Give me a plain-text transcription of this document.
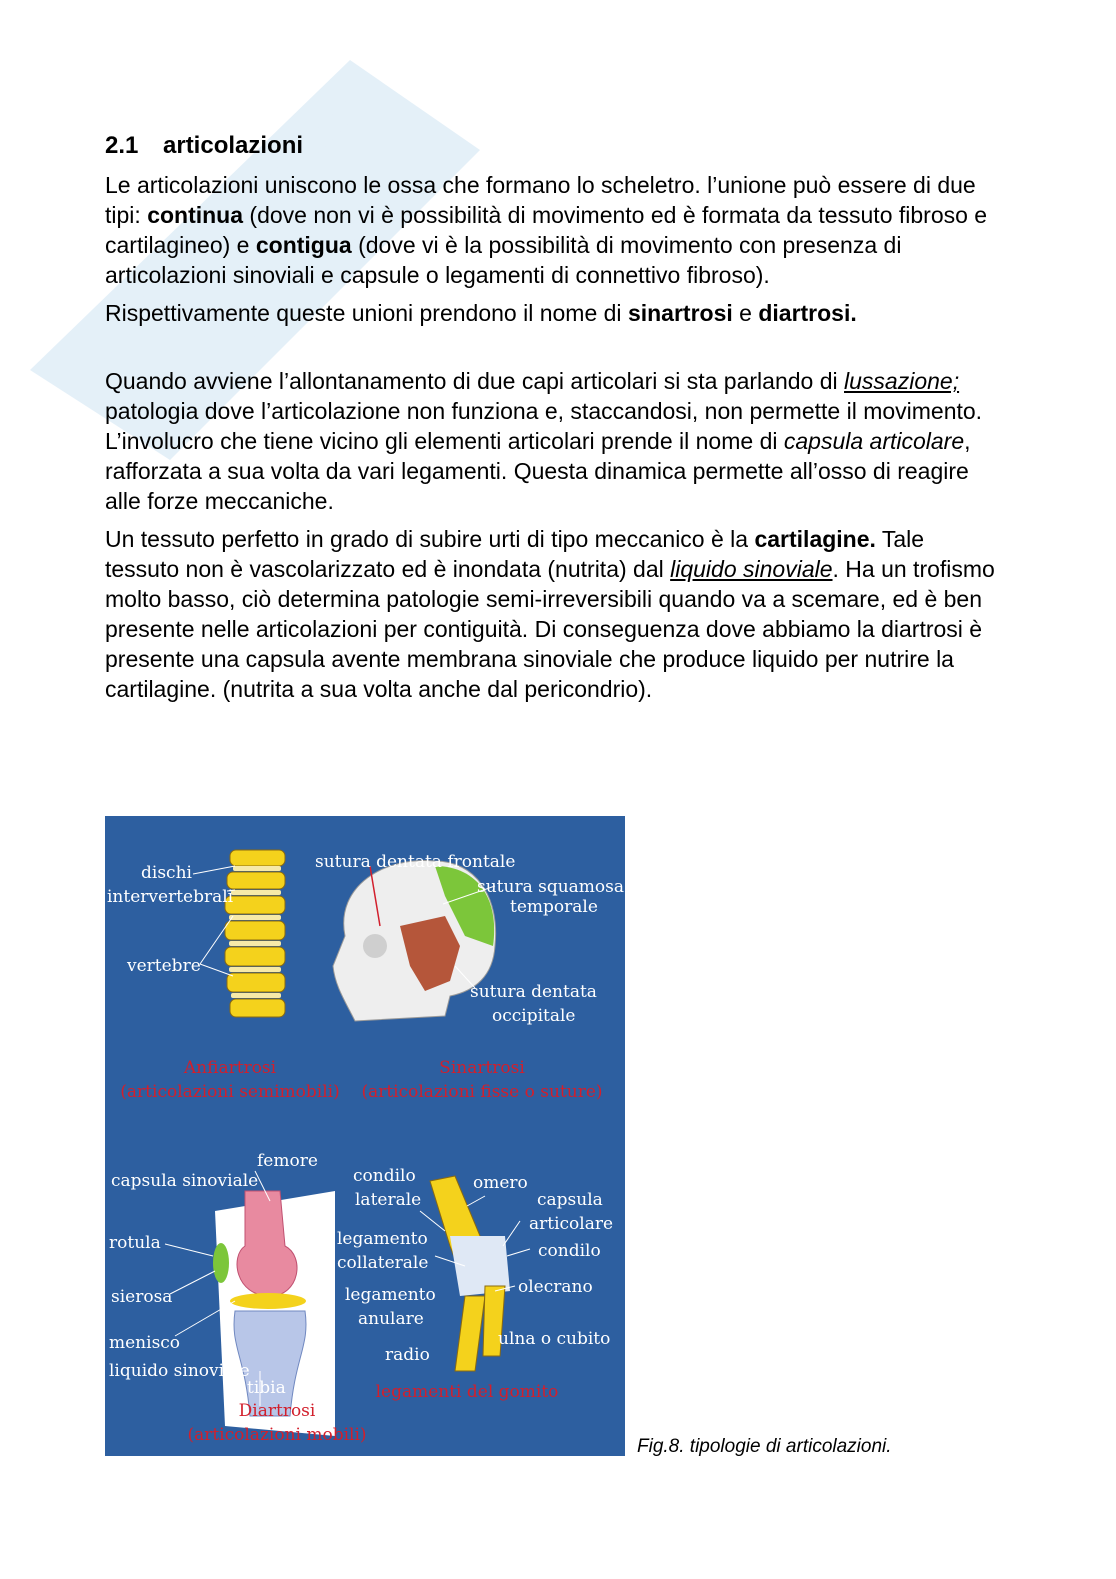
2.1 articolazioni

Le articolazioni uniscono le ossa che formano lo scheletro. l’unione può essere di due tipi: continua (dove non vi è possibilità di movimento ed è formata da tessuto fibroso e cartilagineo) e contigua (dove vi è la possibilità di movimento con presenza di articolazioni sinoviali e capsule o legamenti di connettivo fibroso).

Rispettivamente queste unioni prendono il nome di sinartrosi e diartrosi.

Quando avviene l’allontanamento di due capi articolari si sta parlando di lussazione; patologia dove l’articolazione non funziona e, staccandosi, non permette il movimento. L’involucro che tiene vicino gli elementi articolari prende il nome di capsula articolare, rafforzata a sua volta da vari legamenti. Questa dinamica permette all’osso di reagire alle forze meccaniche.

Un tessuto perfetto in grado di subire urti di tipo meccanico è la cartilagine. Tale tessuto non è vascolarizzato ed è inondata (nutrita) dal liquido sinoviale. Ha un trofismo molto basso, ciò determina patologie semi-irreversibili quando va a scemare, ed è ben presente nelle articolazioni per contiguità. Di conseguenza dove abbiamo la diartrosi è presente una capsula avente membrana sinoviale che produce liquido per nutrire la cartilagine. (nutrita a sua volta anche dal pericondrio).

dischi
intervertebrali
vertebre
sutura dentata frontale
sutura squamosa
temporale
sutura dentata
occipitale
femore
capsula sinoviale
rotula
sierosa
menisco
liquido sinoviale
tibia
condilo
laterale
omero
capsula
articolare
condilo
legamento
collaterale
olecrano
legamento
anulare
ulna o cubito
radio
Anfiartrosi
(articolazioni semimobili)
Sinartrosi
(articolazioni fisse o suture)
Diartrosi
(articolazioni mobili)
legamenti del gomito
Fig.8. tipologie di articolazioni.
